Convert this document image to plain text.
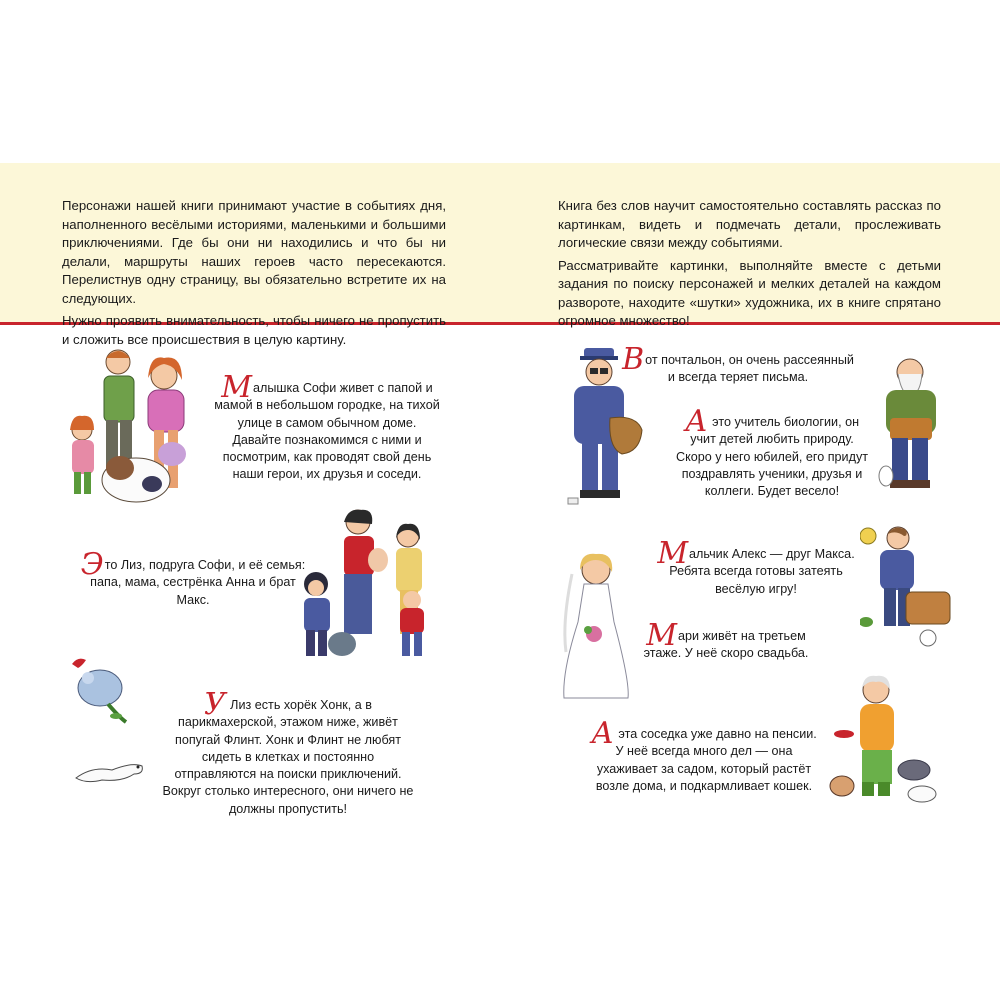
Персонажи нашей книги принимают участие в событиях дня, наполненного весёлыми историями, маленькими и большими приключениями. Где бы они ни находились и что бы ни делали, маршруты наших героев часто пересекаются. Перелистнув одну страницу, вы обязательно встретите их на следующих.

Нужно проявить внимательность, чтобы ничего не пропустить и сложить все происшествия в целую картину.

Книга без слов научит самостоятельно составлять рассказ по картинкам, видеть и подмечать детали, прослеживать логические связи между событиями.

Рассматривайте картинки, выполняйте вместе с детьми задания по поиску персонажей и мелких деталей на каждом развороте, находите «шутки» художника, их в книге спрятано огромное множество!

Малышка Софи живет с папой и мамой в небольшом городке, на тихой улице в самом обычном доме. Давайте познакомимся с ними и посмотрим, как проводят свой день наши герои, их друзья и соседи.

Это Лиз, подруга Софи, и её семья: папа, мама, сестрёнка Анна и брат Макс.

У Лиз есть хорёк Хонк, а в парикмахерской, этажом ниже, живёт попугай Флинт. Хонк и Флинт не любят сидеть в клетках и постоянно отправляются на поиски приключений. Вокруг столько интересного, они ничего не должны пропустить!

Вот почтальон, он очень рассеянный и всегда теряет письма.

А это учитель биологии, он учит детей любить природу. Скоро у него юбилей, его придут поздравлять ученики, друзья и коллеги. Будет весело!

Мальчик Алекс — друг Макса. Ребята всегда готовы затеять весёлую игру!

Мари живёт на третьем этаже. У неё скоро свадьба.

А эта соседка уже давно на пенсии. У неё всегда много дел — она ухаживает за садом, который растёт возле дома, и подкармливает кошек.
